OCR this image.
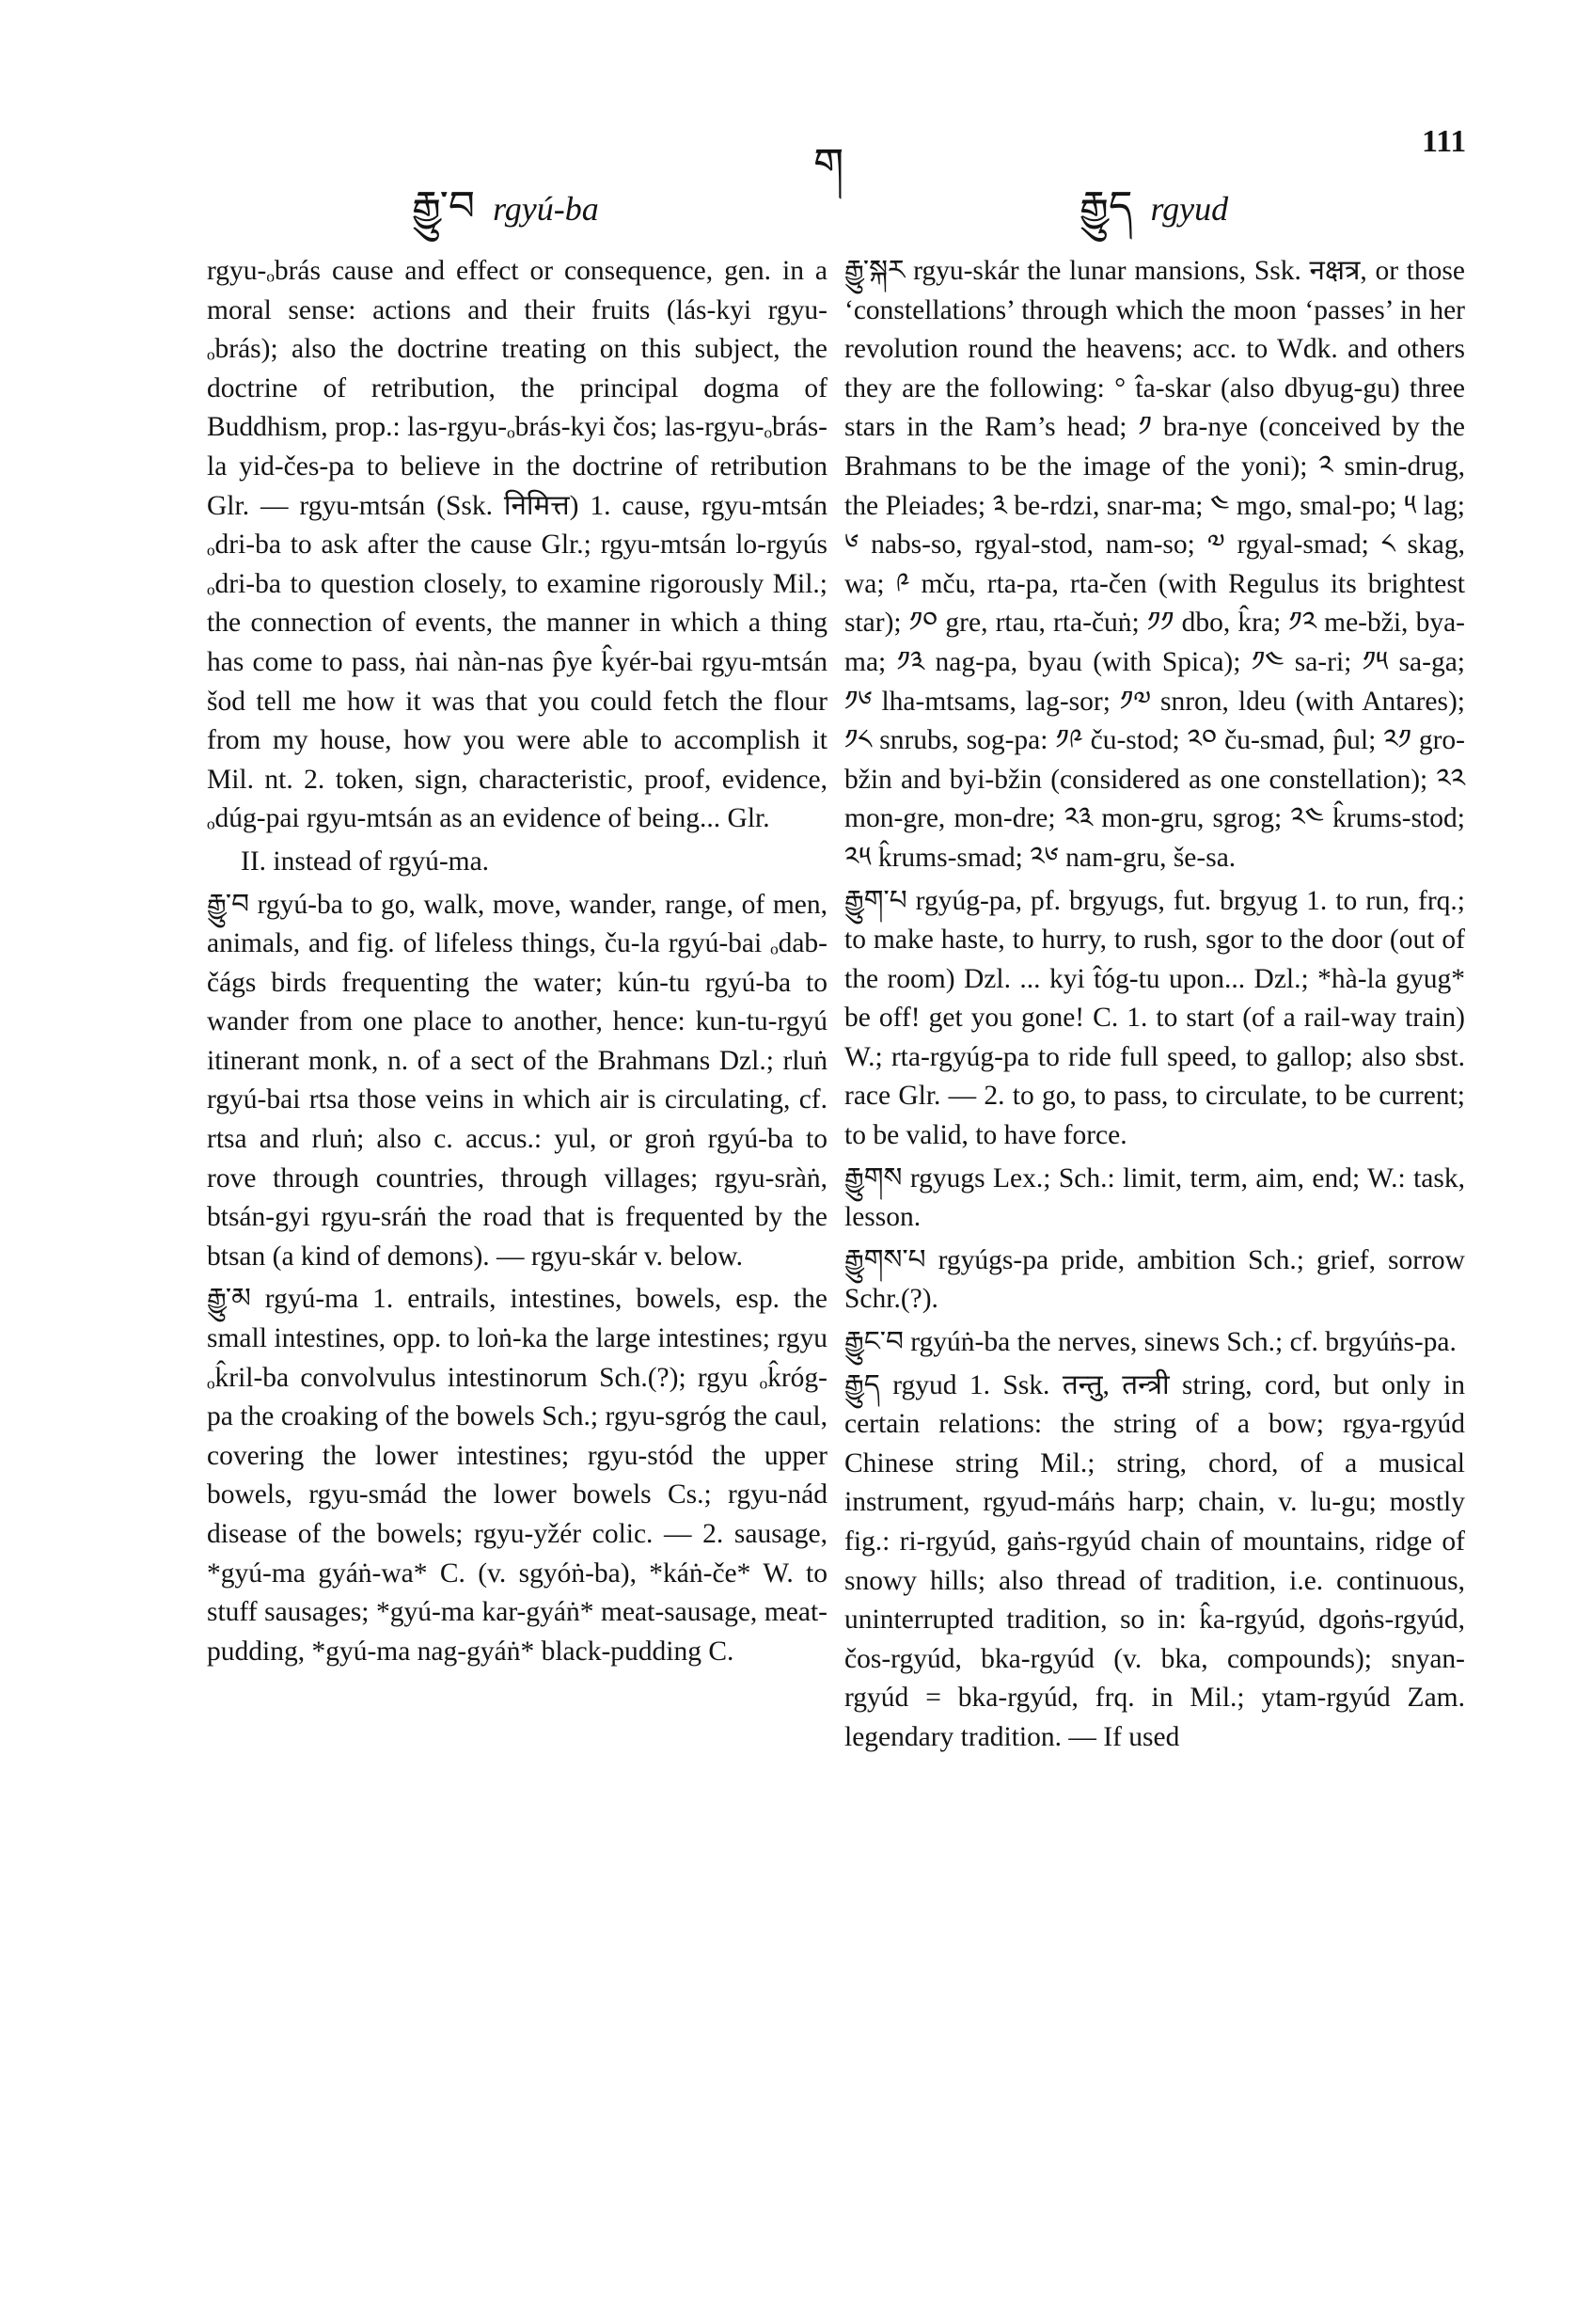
རྒྱུ་བ rgyú-ba
ག
རྒྱུད rgyud
111

rgyu-ₒbrás cause and effect or consequence, gen. in a moral sense: actions and their fruits (lás-kyi rgyu-ₒbrás); also the doctrine treating on this subject, the doctrine of retribution, the principal dogma of Buddhism, prop.: las-rgyu-ₒbrás-kyi čos; las-rgyu-ₒbrás-la yid-čes-pa to believe in the doctrine of retribution Glr. — rgyu-mtsán (Ssk. निमित्त) 1. cause, rgyu-mtsán ₒdri-ba to ask after the cause Glr.; rgyu-mtsán lo-rgyús ₒdri-ba to question closely, to examine rigorously Mil.; the connection of events, the manner in which a thing has come to pass, ṅai nàn-nas p̂ye k̂yér-bai rgyu-mtsán šod tell me how it was that you could fetch the flour from my house, how you were able to accomplish it Mil. nt. 2. token, sign, characteristic, proof, evidence, ₒdúg-pai rgyu-mtsán as an evidence of being... Glr.

II. instead of rgyú-ma.

རྒྱུ་བ rgyú-ba to go, walk, move, wander, range, of men, animals, and fig. of lifeless things, ču-la rgyú-bai ₒdab-čágs birds frequenting the water; kún-tu rgyú-ba to wander from one place to another, hence: kun-tu-rgyú itinerant monk, n. of a sect of the Brahmans Dzl.; rluṅ rgyú-bai rtsa those veins in which air is circulating, cf. rtsa and rluṅ; also c. accus.: yul, or groṅ rgyú-ba to rove through countries, through villages; rgyu-sràṅ, btsán-gyi rgyu-sráṅ the road that is frequented by the btsan (a kind of demons). — rgyu-skár v. below.

རྒྱུ་མ rgyú-ma 1. entrails, intestines, bowels, esp. the small intestines, opp. to loṅ-ka the large intestines; rgyu ₒk̂ril-ba convolvulus intestinorum Sch.(?); rgyu ₒk̂róg-pa the croaking of the bowels Sch.; rgyu-sgróg the caul, covering the lower intestines; rgyu-stód the upper bowels, rgyu-smád the lower bowels Cs.; rgyu-nád disease of the bowels; rgyu-yžér colic. — 2. sausage, *gyú-ma gyáṅ-wa* C. (v. sgyóṅ-ba), *káṅ-če* W. to stuff sausages; *gyú-ma kar-gyáṅ* meat-sausage, meat-pudding, *gyú-ma nag-gyáṅ* black-pudding C.

རྒྱུ་སྐར rgyu-skár the lunar mansions, Ssk. नक्षत्र, or those ‘constellations’ through which the moon ‘passes’ in her revolution round the heavens; acc. to Wdk. and others they are the following: ° t̂a-skar (also dbyug-gu) three stars in the Ram’s head; ༡ bra-nye (conceived by the Brahmans to be the image of the yoni); ༢ smin-drug, the Pleiades; ༣ be-rdzi, snar-ma; ༤ mgo, smal-po; ༥ lag; ༦ nabs-so, rgyal-stod, nam-so; ༧ rgyal-smad; ༨ skag, wa; ༩ mču, rta-pa, rta-čen (with Regulus its brightest star); ༡༠ gre, rtau, rta-čuṅ; ༡༡ dbo, k̂ra; ༡༢ me-bži, bya-ma; ༡༣ nag-pa, byau (with Spica); ༡༤ sa-ri; ༡༥ sa-ga; ༡༦ lha-mtsams, lag-sor; ༡༧ snron, ldeu (with Antares); ༡༨ snrubs, sog-pa: ༡༩ ču-stod; ༢༠ ču-smad, p̂ul; ༢༡ gro-bžin and byi-bžin (considered as one constellation); ༢༢ mon-gre, mon-dre; ༢༣ mon-gru, sgrog; ༢༤ k̂rums-stod; ༢༥ k̂rums-smad; ༢༦ nam-gru, še-sa.

རྒྱུག་པ rgyúg-pa, pf. brgyugs, fut. brgyug 1. to run, frq.; to make haste, to hurry, to rush, sgor to the door (out of the room) Dzl. ... kyi t̂óg-tu upon... Dzl.; *hà-la gyug* be off! get you gone! C. 1. to start (of a rail-way train) W.; rta-rgyúg-pa to ride full speed, to gallop; also sbst. race Glr. — 2. to go, to pass, to circulate, to be current; to be valid, to have force.

རྒྱུགས rgyugs Lex.; Sch.: limit, term, aim, end; W.: task, lesson.

རྒྱུགས་པ rgyúgs-pa pride, ambition Sch.; grief, sorrow Schr.(?).

རྒྱུང་བ rgyúṅ-ba the nerves, sinews Sch.; cf. brgyúṅs-pa.

རྒྱུད rgyud 1. Ssk. तन्तु, तन्त्री string, cord, but only in certain relations: the string of a bow; rgya-rgyúd Chinese string Mil.; string, chord, of a musical instrument, rgyud-máṅs harp; chain, v. lu-gu; mostly fig.: ri-rgyúd, gaṅs-rgyúd chain of mountains, ridge of snowy hills; also thread of tradition, i.e. continuous, uninterrupted tradition, so in: k̂a-rgyúd, dgoṅs-rgyúd, čos-rgyúd, bka-rgyúd (v. bka, compounds); snyan-rgyúd = bka-rgyúd, frq. in Mil.; ytam-rgyúd Zam. legendary tradition. — If used
